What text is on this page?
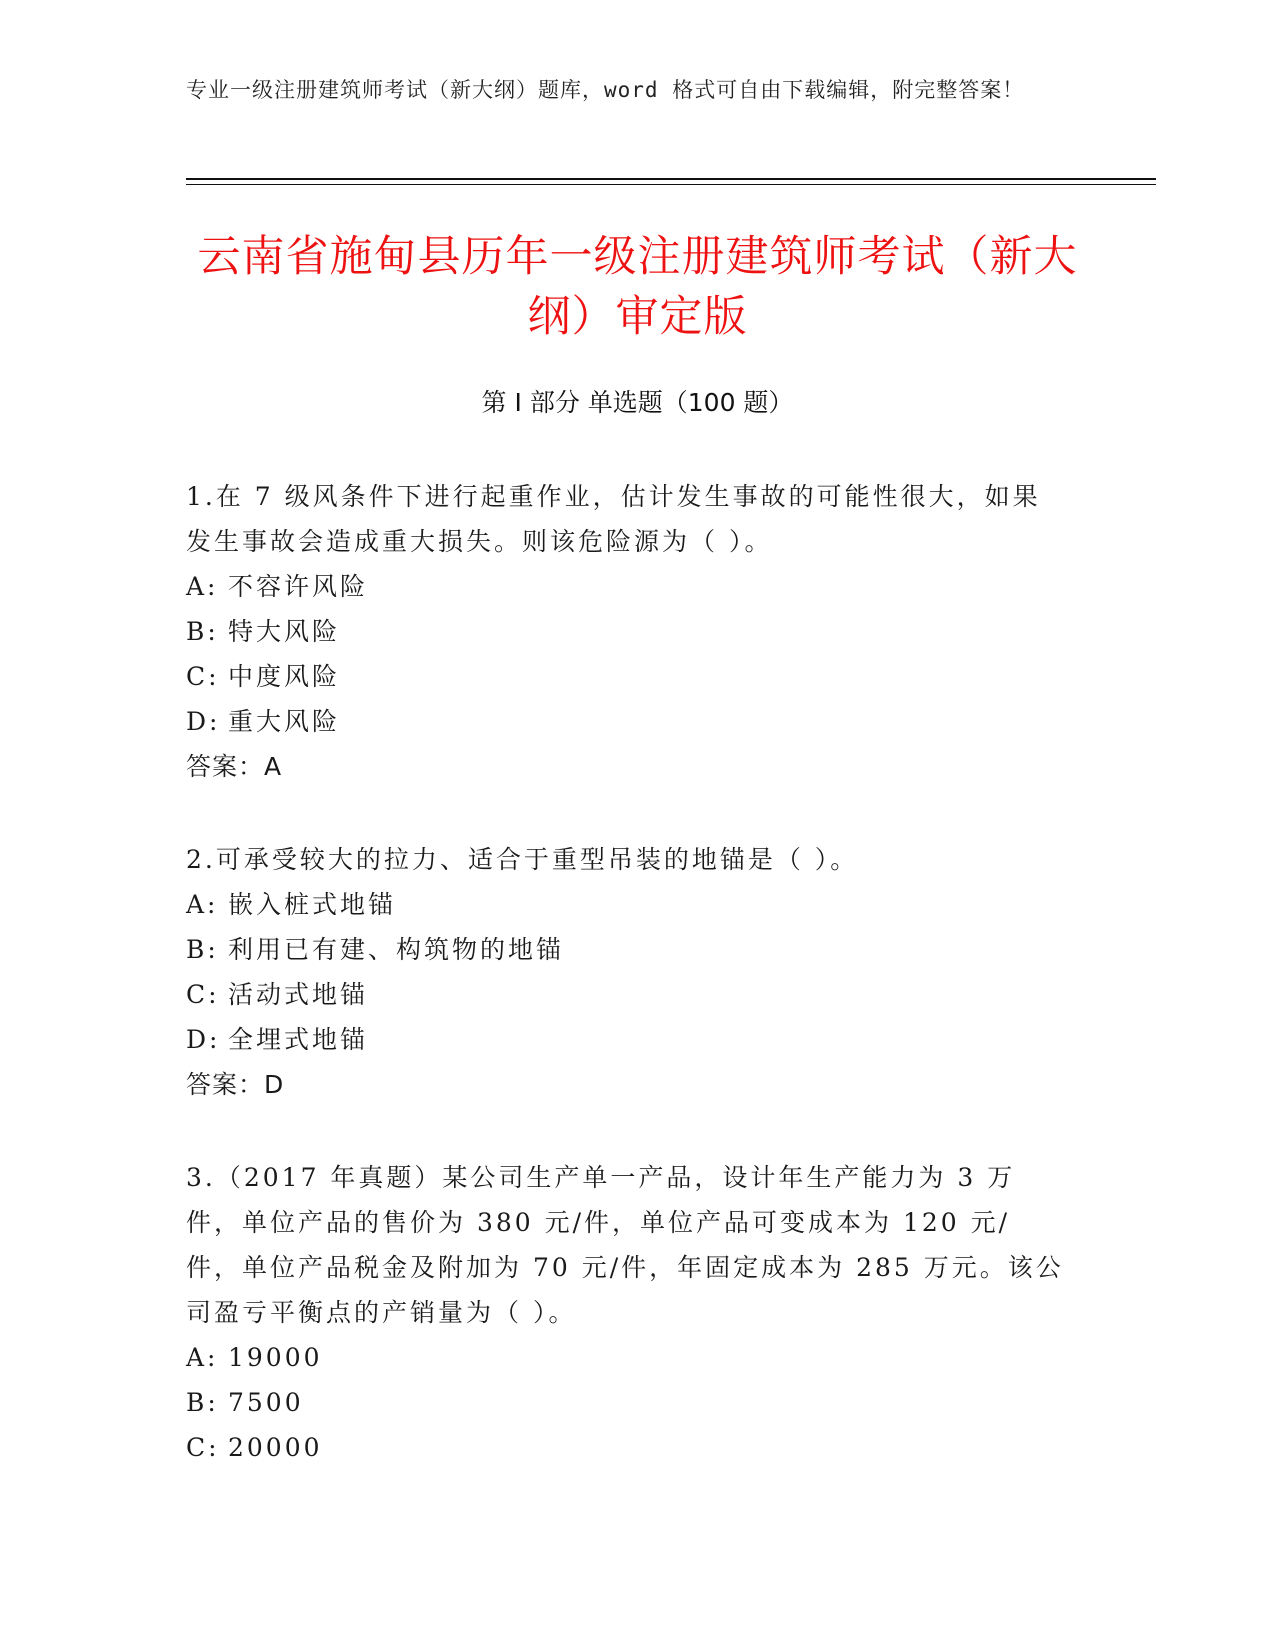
专业一级注册建筑师考试（新大纲）题库，word 格式可自由下载编辑，附完整答案！
云南省施甸县历年一级注册建筑师考试（新大纲）审定版
第 I 部分 单选题（100 题）

1.在 7 级风条件下进行起重作业，估计发生事故的可能性很大，如果发生事故会造成重大损失。则该危险源为（ ）。

A: 不容许风险

B: 特大风险

C: 中度风险

D: 重大风险

答案：A

2.可承受较大的拉力、适合于重型吊装的地锚是（ ）。

A: 嵌入桩式地锚

B: 利用已有建、构筑物的地锚

C: 活动式地锚

D: 全埋式地锚

答案：D

3.（2017 年真题）某公司生产单一产品，设计年生产能力为 3 万件，单位产品的售价为 380 元/件，单位产品可变成本为 120 元/件，单位产品税金及附加为 70 元/件，年固定成本为 285 万元。该公司盈亏平衡点的产销量为（ ）。

A: 19000

B: 7500

C: 20000
